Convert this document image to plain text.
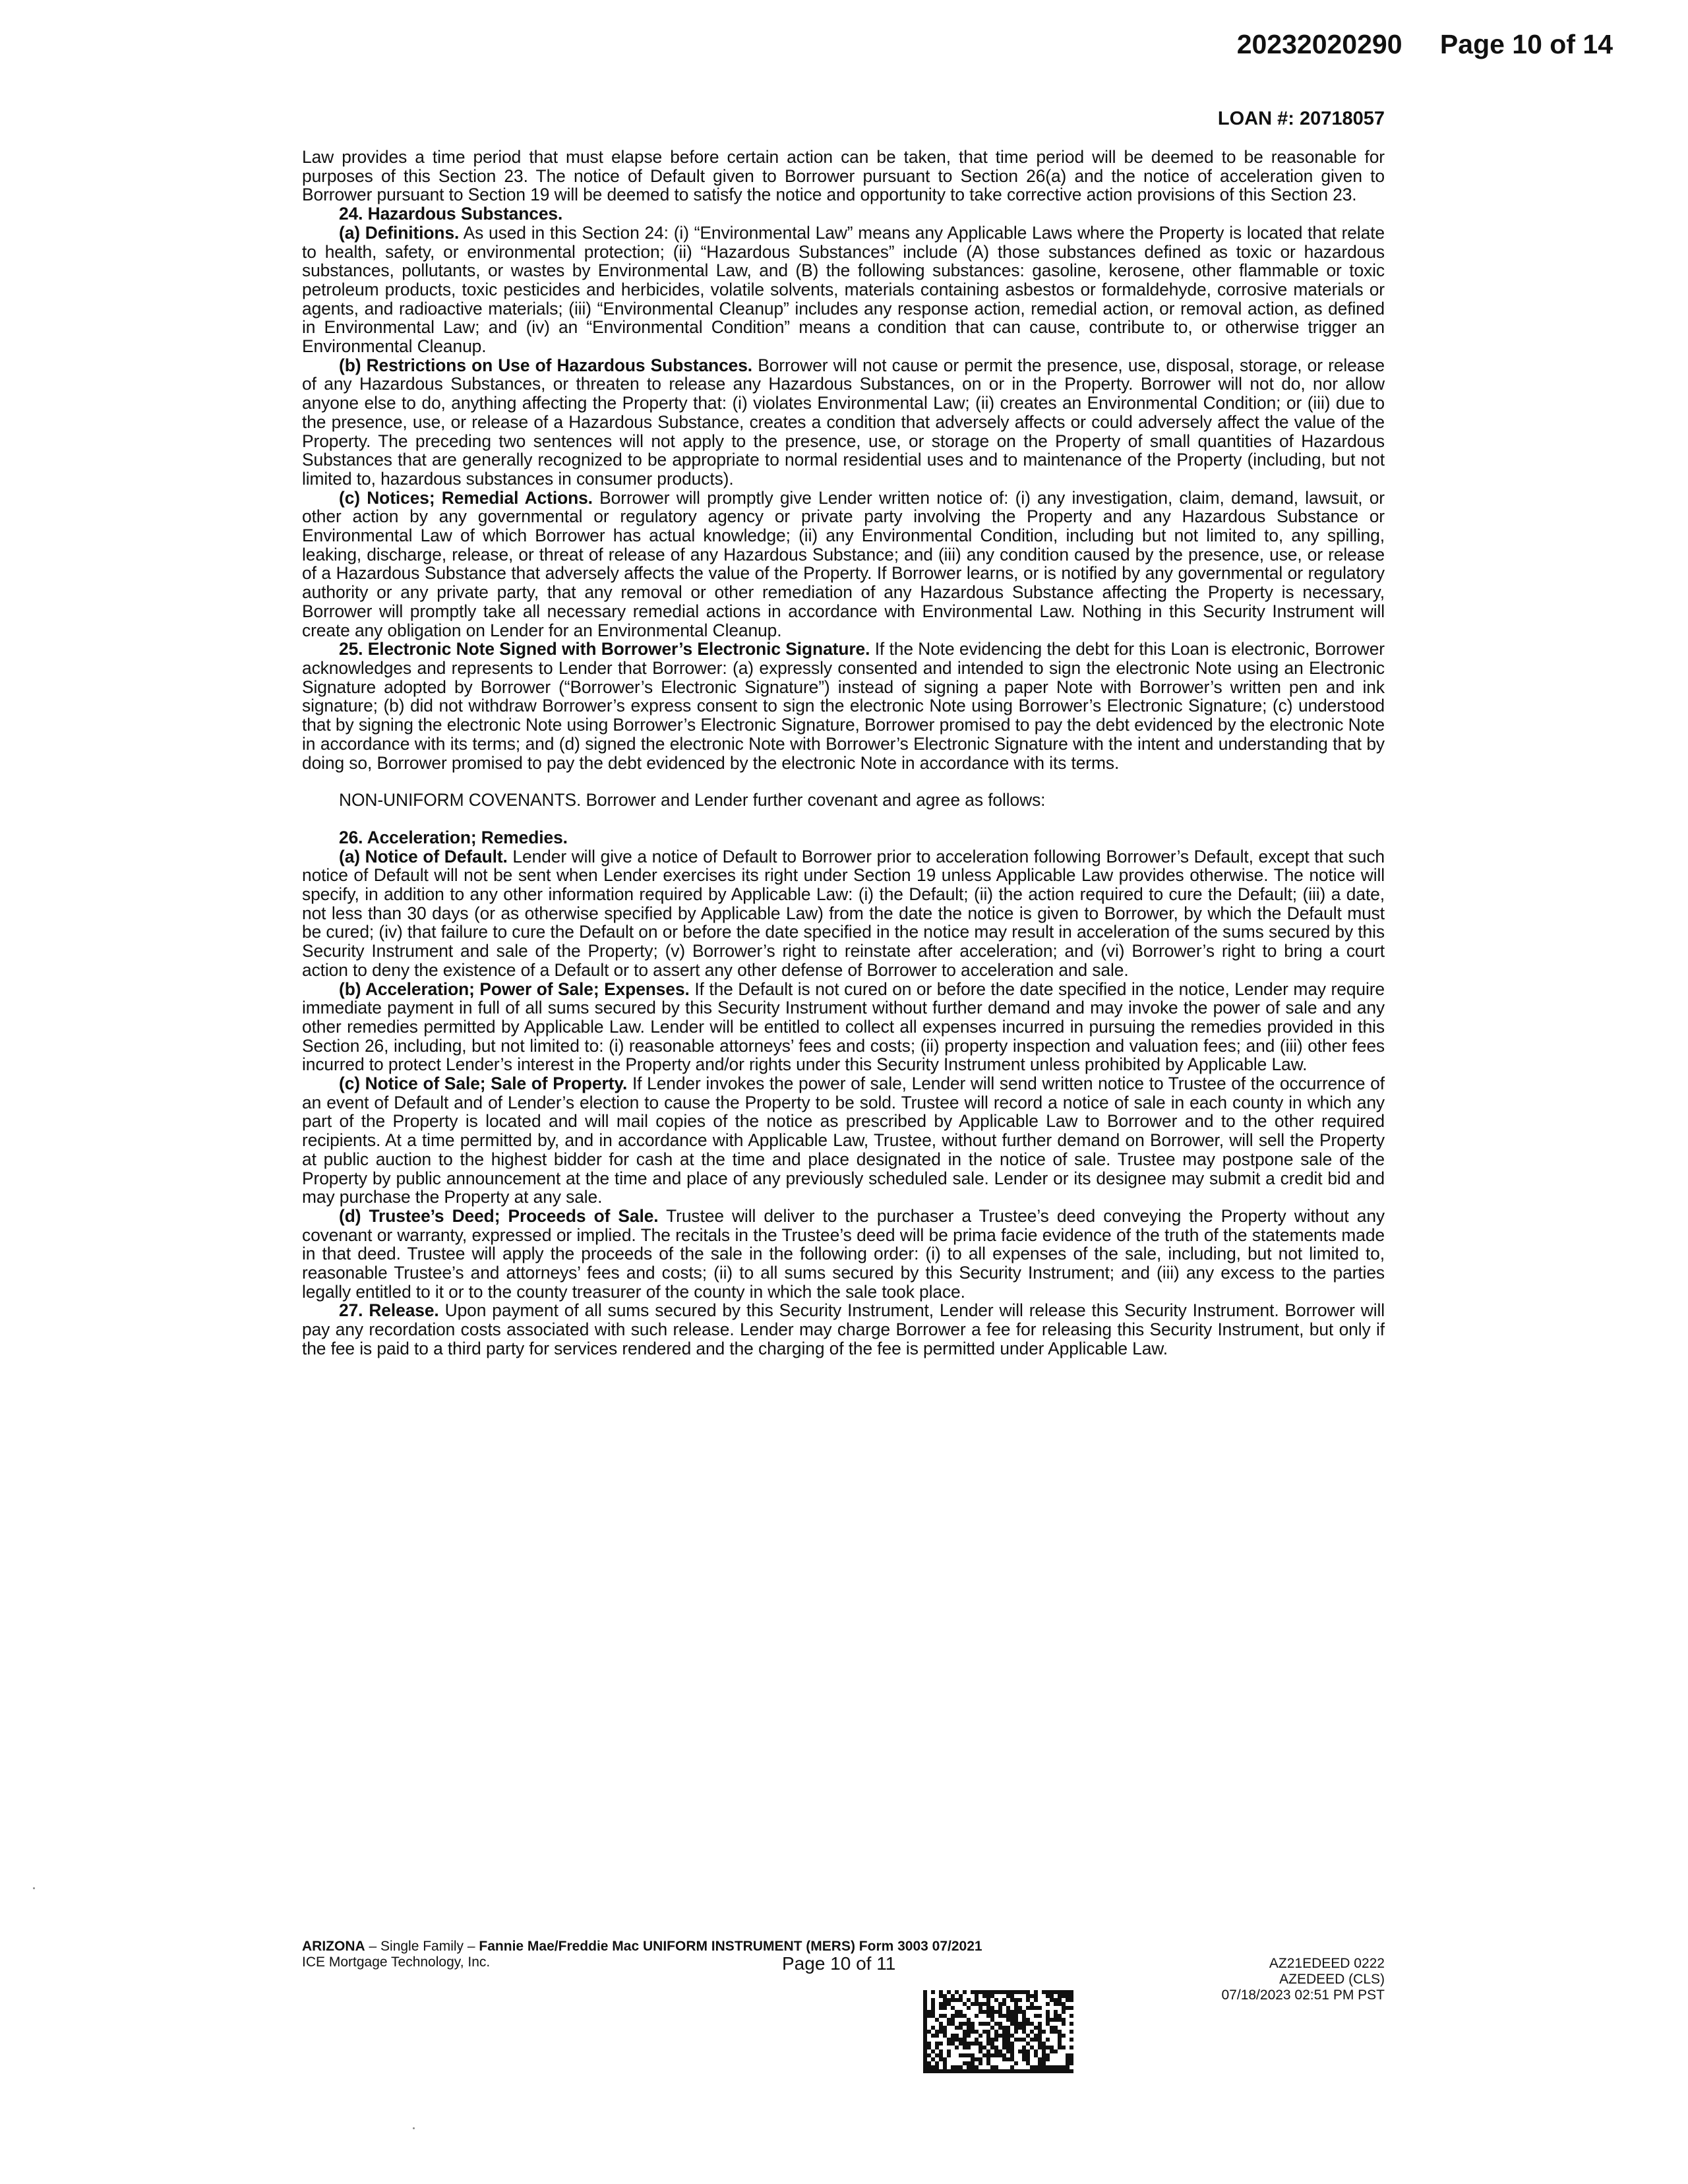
20232020290 Page 10 of 14
LOAN #: 20718057

Law provides a time period that must elapse before certain action can be taken, that time period will be deemed to be reasonable for purposes of this Section 23. The notice of Default given to Borrower pursuant to Section 26(a) and the notice of acceleration given to Borrower pursuant to Section 19 will be deemed to satisfy the notice and opportunity to take corrective action provisions of this Section 23.

24. Hazardous Substances.

(a) Definitions. As used in this Section 24: (i) “Environmental Law” means any Applicable Laws where the Property is located that relate to health, safety, or environmental protection; (ii) “Hazardous Substances” include (A) those substances defined as toxic or hazardous substances, pollutants, or wastes by Environmental Law, and (B) the following substances: gasoline, kerosene, other flammable or toxic petroleum products, toxic pesticides and herbicides, volatile solvents, materials containing asbestos or formaldehyde, corrosive materials or agents, and radioactive materials; (iii) “Environmental Cleanup” includes any response action, remedial action, or removal action, as defined in Environmental Law; and (iv) an “Environmental Condition” means a condition that can cause, contribute to, or otherwise trigger an Environmental Cleanup.

(b) Restrictions on Use of Hazardous Substances. Borrower will not cause or permit the presence, use, disposal, storage, or release of any Hazardous Substances, or threaten to release any Hazardous Substances, on or in the Property. Borrower will not do, nor allow anyone else to do, anything affecting the Property that: (i) violates Environmental Law; (ii) creates an Environmental Condition; or (iii) due to the presence, use, or release of a Hazardous Substance, creates a condition that adversely affects or could adversely affect the value of the Property. The preceding two sentences will not apply to the presence, use, or storage on the Property of small quantities of Hazardous Substances that are generally recognized to be appropriate to normal residential uses and to maintenance of the Property (including, but not limited to, hazardous substances in consumer products).

(c) Notices; Remedial Actions. Borrower will promptly give Lender written notice of: (i) any investigation, claim, demand, lawsuit, or other action by any governmental or regulatory agency or private party involving the Property and any Hazardous Substance or Environmental Law of which Borrower has actual knowledge; (ii) any Environmental Condition, including but not limited to, any spilling, leaking, discharge, release, or threat of release of any Hazardous Substance; and (iii) any condition caused by the presence, use, or release of a Hazardous Substance that adversely affects the value of the Property. If Borrower learns, or is notified by any governmental or regulatory authority or any private party, that any removal or other remediation of any Hazardous Substance affecting the Property is necessary, Borrower will promptly take all necessary remedial actions in accordance with Environmental Law. Nothing in this Security Instrument will create any obligation on Lender for an Environmental Cleanup.

25. Electronic Note Signed with Borrower’s Electronic Signature. If the Note evidencing the debt for this Loan is electronic, Borrower acknowledges and represents to Lender that Borrower: (a) expressly consented and intended to sign the electronic Note using an Electronic Signature adopted by Borrower (“Borrower’s Electronic Signature”) instead of signing a paper Note with Borrower’s written pen and ink signature; (b) did not withdraw Borrower’s express consent to sign the electronic Note using Borrower’s Electronic Signature; (c) understood that by signing the electronic Note using Borrower’s Electronic Signature, Borrower promised to pay the debt evidenced by the electronic Note in accordance with its terms; and (d) signed the electronic Note with Borrower’s Electronic Signature with the intent and understanding that by doing so, Borrower promised to pay the debt evidenced by the electronic Note in accordance with its terms.

NON-UNIFORM COVENANTS. Borrower and Lender further covenant and agree as follows:

26. Acceleration; Remedies.

(a) Notice of Default. Lender will give a notice of Default to Borrower prior to acceleration following Borrower’s Default, except that such notice of Default will not be sent when Lender exercises its right under Section 19 unless Applicable Law provides otherwise. The notice will specify, in addition to any other information required by Applicable Law: (i) the Default; (ii) the action required to cure the Default; (iii) a date, not less than 30 days (or as otherwise specified by Applicable Law) from the date the notice is given to Borrower, by which the Default must be cured; (iv) that failure to cure the Default on or before the date specified in the notice may result in acceleration of the sums secured by this Security Instrument and sale of the Property; (v) Borrower’s right to reinstate after acceleration; and (vi) Borrower’s right to bring a court action to deny the existence of a Default or to assert any other defense of Borrower to acceleration and sale.

(b) Acceleration; Power of Sale; Expenses. If the Default is not cured on or before the date specified in the notice, Lender may require immediate payment in full of all sums secured by this Security Instrument without further demand and may invoke the power of sale and any other remedies permitted by Applicable Law. Lender will be entitled to collect all expenses incurred in pursuing the remedies provided in this Section 26, including, but not limited to: (i) reasonable attorneys’ fees and costs; (ii) property inspection and valuation fees; and (iii) other fees incurred to protect Lender’s interest in the Property and/or rights under this Security Instrument unless prohibited by Applicable Law.

(c) Notice of Sale; Sale of Property. If Lender invokes the power of sale, Lender will send written notice to Trustee of the occurrence of an event of Default and of Lender’s election to cause the Property to be sold. Trustee will record a notice of sale in each county in which any part of the Property is located and will mail copies of the notice as prescribed by Applicable Law to Borrower and to the other required recipients. At a time permitted by, and in accordance with Applicable Law, Trustee, without further demand on Borrower, will sell the Property at public auction to the highest bidder for cash at the time and place designated in the notice of sale. Trustee may postpone sale of the Property by public announcement at the time and place of any previously scheduled sale. Lender or its designee may submit a credit bid and may purchase the Property at any sale.

(d) Trustee’s Deed; Proceeds of Sale. Trustee will deliver to the purchaser a Trustee’s deed conveying the Property without any covenant or warranty, expressed or implied. The recitals in the Trustee’s deed will be prima facie evidence of the truth of the statements made in that deed. Trustee will apply the proceeds of the sale in the following order: (i) to all expenses of the sale, including, but not limited to, reasonable Trustee’s and attorneys’ fees and costs; (ii) to all sums secured by this Security Instrument; and (iii) any excess to the parties legally entitled to it or to the county treasurer of the county in which the sale took place.

27. Release. Upon payment of all sums secured by this Security Instrument, Lender will release this Security Instrument. Borrower will pay any recordation costs associated with such release. Lender may charge Borrower a fee for releasing this Security Instrument, but only if the fee is paid to a third party for services rendered and the charging of the fee is permitted under Applicable Law.

ARIZONA – Single Family – Fannie Mae/Freddie Mac UNIFORM INSTRUMENT (MERS) Form 3003 07/2021
ICE Mortgage Technology, Inc.	Page 10 of 11	AZ21EDEED 0222
AZEDEED (CLS)
07/18/2023 02:51 PM PST
